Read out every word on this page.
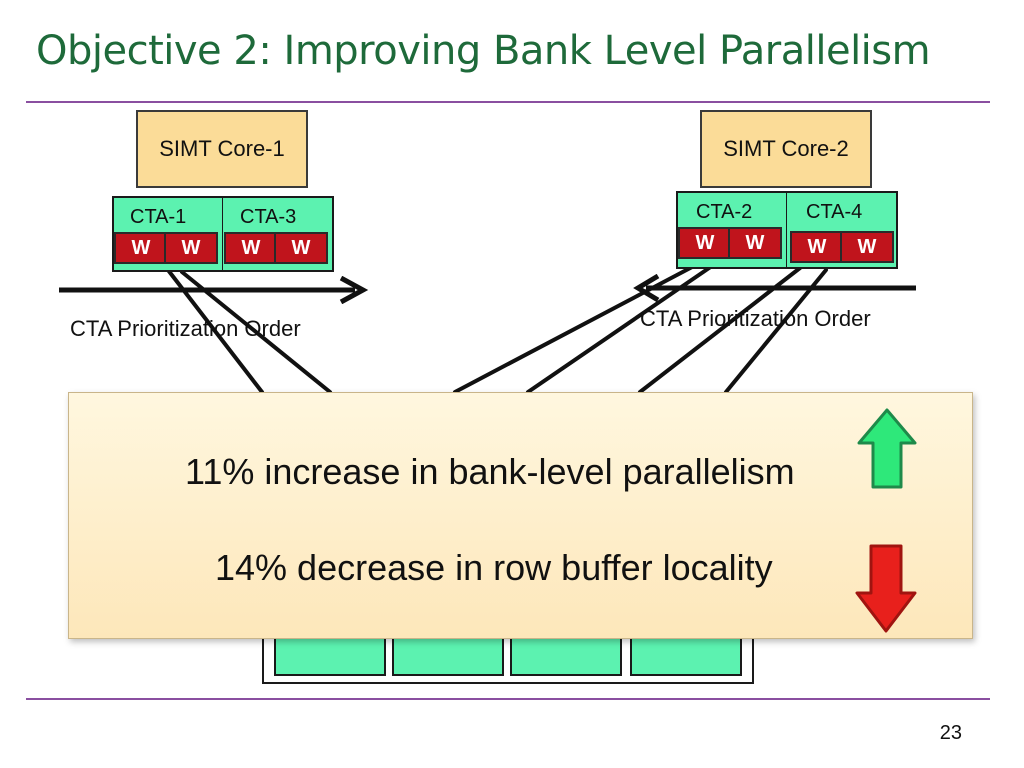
Objective 2: Improving Bank Level Parallelism
SIMT Core-1
CTA-1	CTA-3
W	W	W	W
CTA Prioritization Order
SIMT Core-2
CTA-2	CTA-4
W	W	W	W
CTA Prioritization Order
11% increase in bank-level parallelism
14% decrease in row buffer locality
23
